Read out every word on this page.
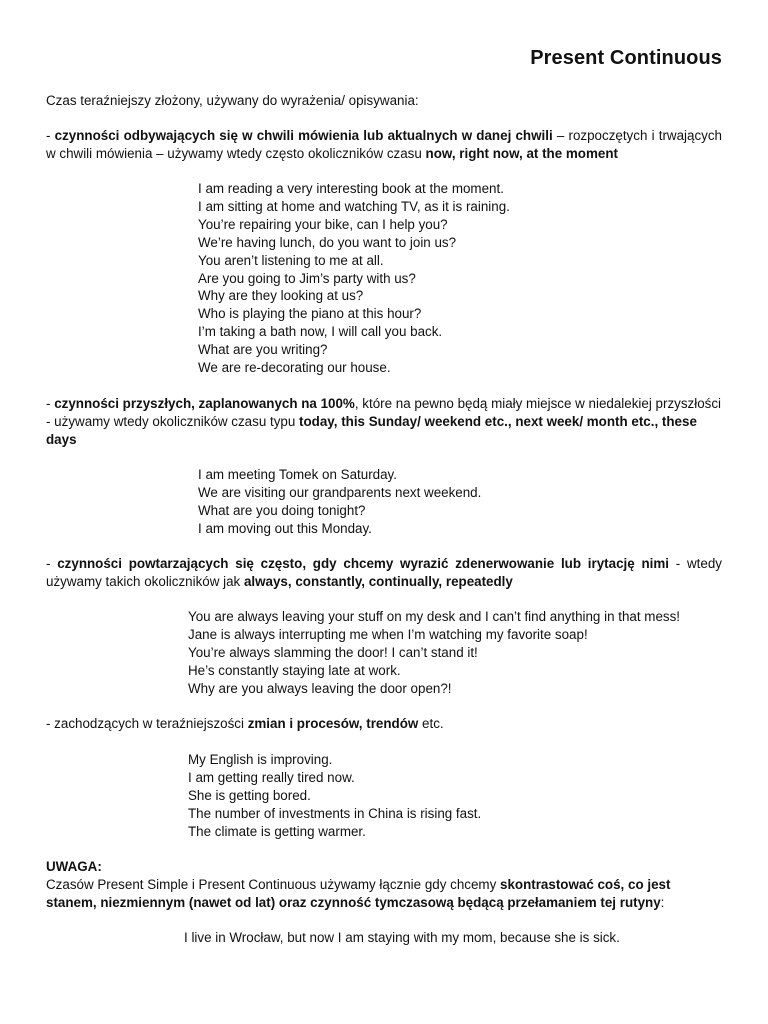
Present Continuous

Czas teraźniejszy złożony, używany do wyrażenia/ opisywania:

- czynności odbywających się w chwili mówienia lub aktualnych w danej chwili – rozpoczętych i trwających w chwili mówienia – używamy wtedy często okoliczników czasu now, right now, at the moment

I am reading a very interesting book at the moment.
I am sitting at home and watching TV, as it is raining.
You’re repairing your bike, can I help you?
We’re having lunch, do you want to join us?
You aren’t listening to me at all.
Are you going to Jim’s party with us?
Why are they looking at us?
Who is playing the piano at this hour?
I’m taking a bath now, I will call you back.
What are you writing?
We are re-decorating our house.

- czynności przyszłych, zaplanowanych na 100%, które na pewno będą miały miejsce w niedalekiej przyszłości - używamy wtedy okoliczników czasu typu today, this Sunday/ weekend etc., next week/ month etc., these days

I am meeting Tomek on Saturday.
We are visiting our grandparents next weekend.
What are you doing tonight?
I am moving out this Monday.

- czynności powtarzających się często, gdy chcemy wyrazić zdenerwowanie lub irytację nimi - wtedy używamy takich okoliczników jak always, constantly, continually, repeatedly

You are always leaving your stuff on my desk and I can’t find anything in that mess!
Jane is always interrupting me when I’m watching my favorite soap!
You’re always slamming the door! I can’t stand it!
He’s constantly staying late at work.
Why are you always leaving the door open?!

- zachodzących w teraźniejszości zmian i procesów, trendów etc.

My English is improving.
I am getting really tired now.
She is getting bored.
The number of investments in China is rising fast.
The climate is getting warmer.

UWAGA:

Czasów Present Simple i Present Continuous używamy łącznie gdy chcemy skontrastować coś, co jest stanem, niezmiennym (nawet od lat) oraz czynność tymczasową będącą przełamaniem tej rutyny:

I live in Wrocław, but now I am staying with my mom, because she is sick.
